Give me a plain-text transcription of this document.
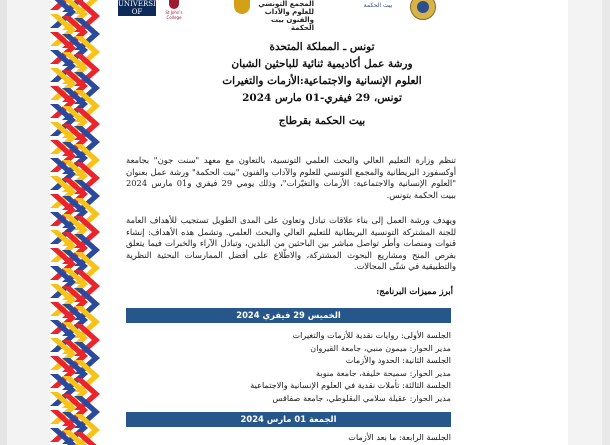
UNIVERSITY OF
OXFORD
St John's College
المجمع التونسي للعلوم والآداب والفنون بيت الحكمة
بيت الحكمة
تونس ـ المملكة المتحدة
ورشة عمل أكاديمية ثنائية للباحثين الشبان
العلوم الإنسانية والاجتماعية:الأزمات والتغيرات
تونس، 29 فيفري-01 مارس 2024
بيت الحكمة بقرطاج
تنظم وزارة التعليم العالي والبحث العلمي التونسية، بالتعاون مع معهد "سنت جون" بجامعة أوكسفورد البريطانية والمجمع التونسي للعلوم والآداب والفنون "بيت الحكمة" ورشة عمل بعنوان "العلوم الإنسانية والاجتماعية: الأزمات والتغيّرات"، وذلك يومي 29 فيفري و01 مارس 2024 ببيت الحكمة بتونس.
ويهدف ورشة العمل إلى بناء علاقات تبادل وتعاون على المدى الطويل تستجيب للأهداف العامة للجنة المشتركة التونسية البريطانية للتعليم العالي والبحث العلمي. وتشمل هذه الأهداف: إنشاء قنوات ومنصات وأطر تواصل مباشر بين الباحثين من البلدين، وتبادل الآراء والخبرات فيما يتعلق بفرص المنح ومشاريع البحوث المشتركة، والاطّلاع على أفضل الممارسات البحثية النظرية والتطبيقية في شتّى المجالات.
أبرز مميزات البرنامج:
الخميس 29 فيفري 2024
الجلسة الأولى: روايات نقدية للأزمات والتغيرات
مدير الحوار: ميمون منبي، جامعة القيروان
الجلسة الثانية: الحدود والأزمات
مدير الحوار: سميحة خليفة، جامعة منوبة
الجلسة الثالثة: تأملات نقدية في العلوم الإنسانية والاجتماعية
مدير الحوار: عقيلة سلامي البقلوطي، جامعة صفاقس
الجمعة 01 مارس 2024
الجلسة الرابعة: ما بعد الأزمات
